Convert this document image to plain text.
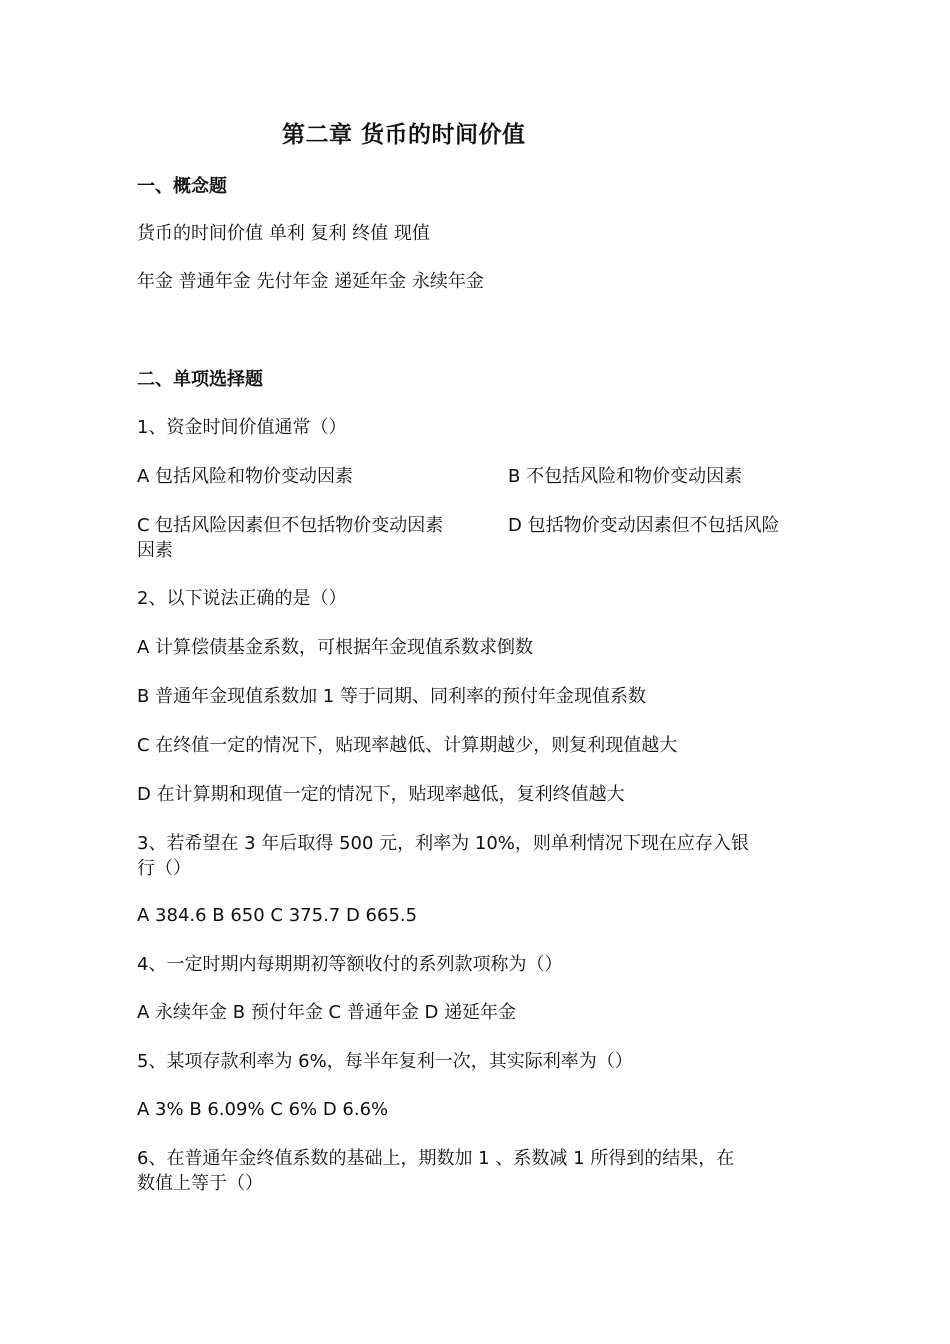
第二章 货币的时间价值
一、概念题
货币的时间价值 单利 复利 终值 现值
年金 普通年金 先付年金 递延年金 永续年金
二、单项选择题
1、资金时间价值通常（）
A 包括风险和物价变动因素	B 不包括风险和物价变动因素
C 包括风险因素但不包括物价变动因素	D 包括物价变动因素但不包括风险
因素
2、以下说法正确的是（）
A 计算偿债基金系数，可根据年金现值系数求倒数
B 普通年金现值系数加 1 等于同期、同利率的预付年金现值系数
C 在终值一定的情况下，贴现率越低、计算期越少，则复利现值越大
D 在计算期和现值一定的情况下，贴现率越低，复利终值越大
3、若希望在 3 年后取得 500 元，利率为 10%，则单利情况下现在应存入银
行（）
A 384.6 B 650 C 375.7 D 665.5
4、一定时期内每期期初等额收付的系列款项称为（）
A 永续年金 B 预付年金 C 普通年金 D 递延年金
5、某项存款利率为 6%，每半年复利一次，其实际利率为（）
A 3% B 6.09% C 6% D 6.6%
6、在普通年金终值系数的基础上，期数加 1 、系数减 1 所得到的结果，在
数值上等于（）
